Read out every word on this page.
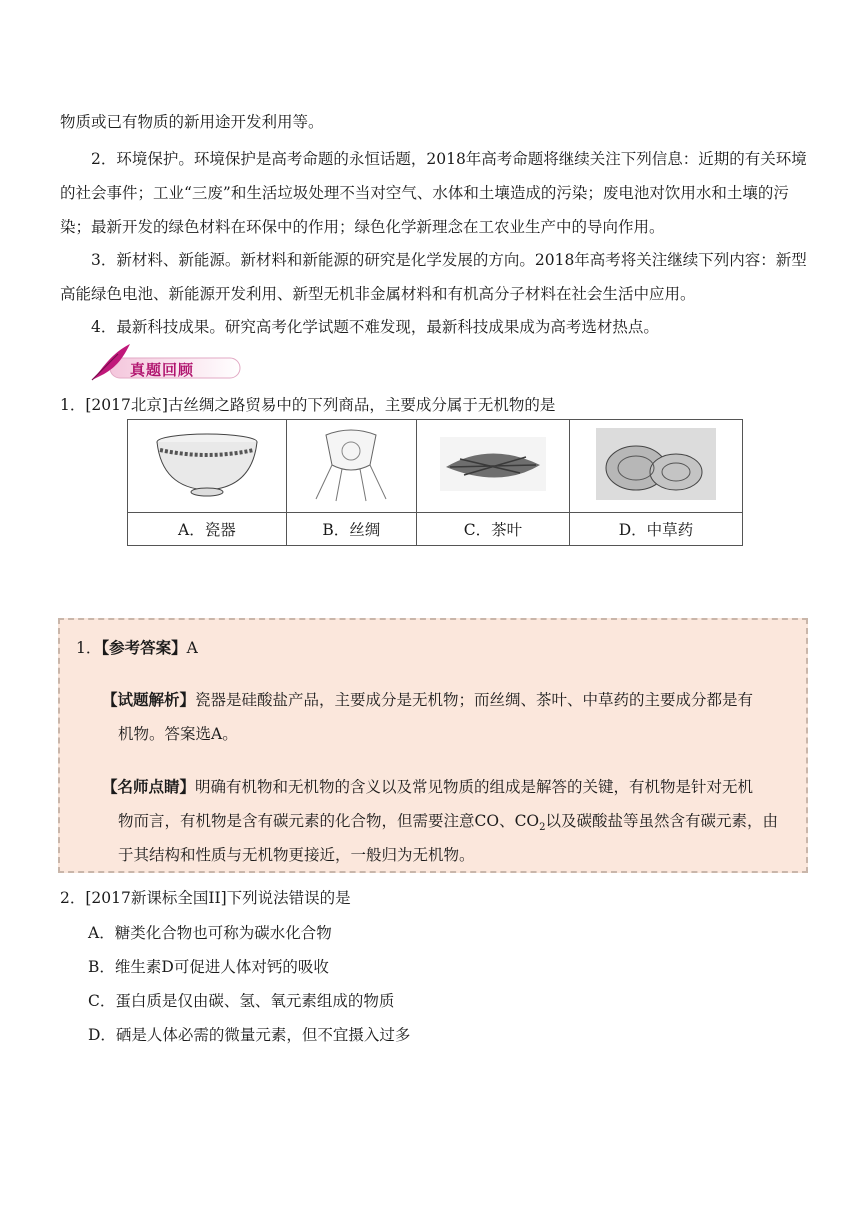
物质或已有物质的新用途开发利用等。
2．环境保护。环境保护是高考命题的永恒话题，2018年高考命题将继续关注下列信息：近期的有关环境的社会事件；工业“三废”和生活垃圾处理不当对空气、水体和土壤造成的污染；废电池对饮用水和土壤的污染；最新开发的绿色材料在环保中的作用；绿色化学新理念在工农业生产中的导向作用。
3．新材料、新能源。新材料和新能源的研究是化学发展的方向。2018年高考将关注继续下列内容：新型高能绿色电池、新能源开发利用、新型无机非金属材料和有机高分子材料在社会生活中应用。
4．最新科技成果。研究高考化学试题不难发现，最新科技成果成为高考选材热点。
真题回顾
1．[2017北京]古丝绸之路贸易中的下列商品，主要成分属于无机物的是

A．瓷器	B．丝绸	C．茶叶	D．中草药
1．【参考答案】A
【试题解析】瓷器是硅酸盐产品，主要成分是无机物；而丝绸、茶叶、中草药的主要成分都是有
机物。答案选A。
【名师点睛】明确有机物和无机物的含义以及常见物质的组成是解答的关键，有机物是针对无机
物而言，有机物是含有碳元素的化合物，但需要注意CO、$CO_2$以及碳酸盐等虽然含有碳元素，由
于其结构和性质与无机物更接近，一般归为无机物。
2．[2017新课标全国II]下列说法错误的是
A．糖类化合物也可称为碳水化合物
B．维生素D可促进人体对钙的吸收
C．蛋白质是仅由碳、氢、氧元素组成的物质
D．硒是人体必需的微量元素，但不宜摄入过多
